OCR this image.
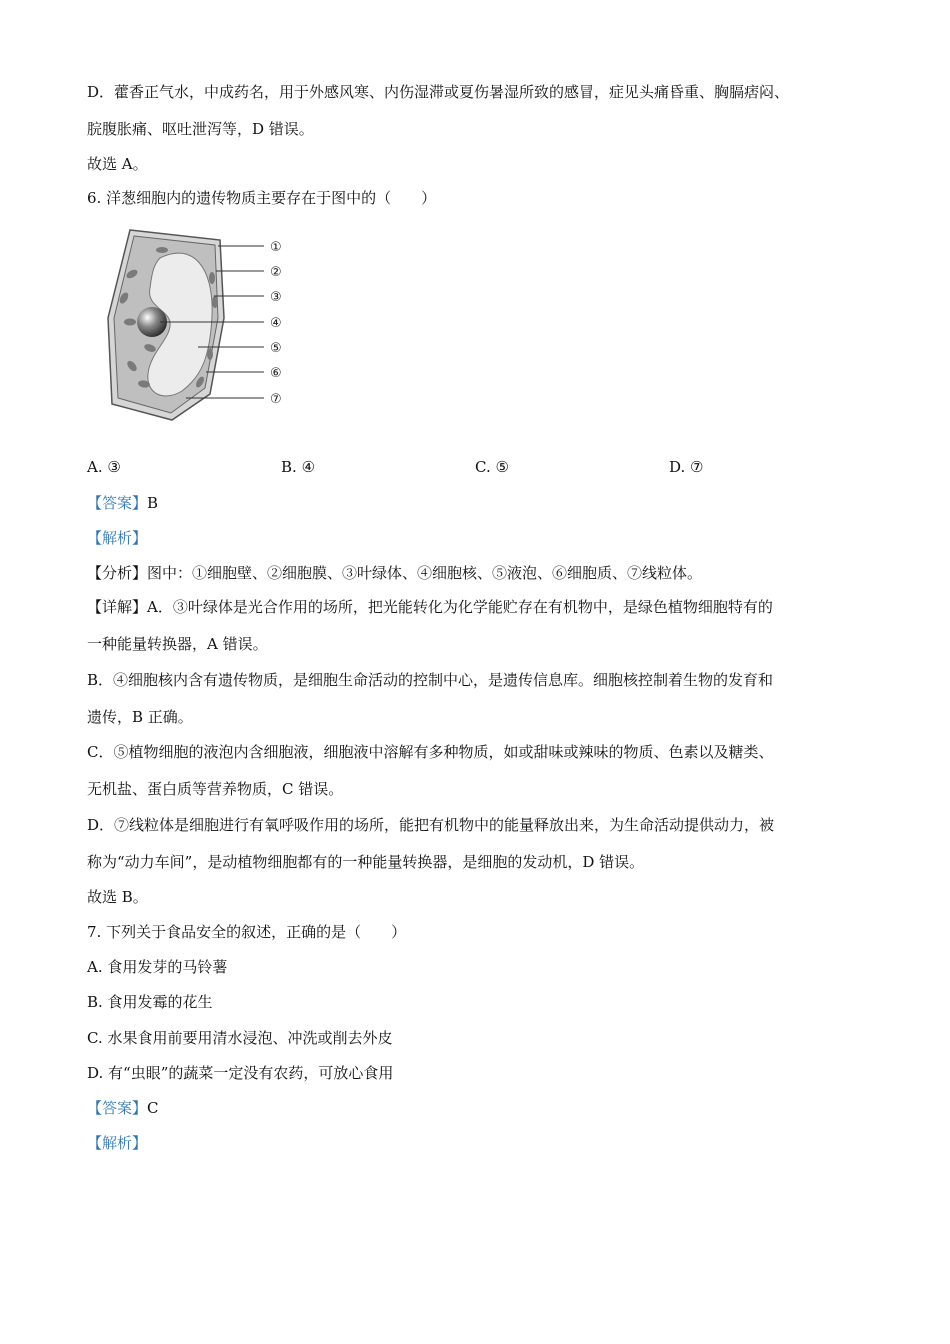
D．藿香正气水，中成药名，用于外感风寒、内伤湿滞或夏伤暑湿所致的感冒，症见头痛昏重、胸膈痞闷、
脘腹胀痛、呕吐泄泻等，D 错误。
故选 A。
6. 洋葱细胞内的遗传物质主要存在于图中的（　　）
①
②
③
④
⑤
⑥
⑦
A. ③	B. ④	C. ⑤	D. ⑦
【答案】B
【解析】
【分析】图中：①细胞壁、②细胞膜、③叶绿体、④细胞核、⑤液泡、⑥细胞质、⑦线粒体。
【详解】A．③叶绿体是光合作用的场所，把光能转化为化学能贮存在有机物中，是绿色植物细胞特有的
一种能量转换器，A 错误。
B．④细胞核内含有遗传物质，是细胞生命活动的控制中心，是遗传信息库。细胞核控制着生物的发育和
遗传，B 正确。
C．⑤植物细胞的液泡内含细胞液，细胞液中溶解有多种物质，如或甜味或辣味的物质、色素以及糖类、
无机盐、蛋白质等营养物质，C 错误。
D．⑦线粒体是细胞进行有氧呼吸作用的场所，能把有机物中的能量释放出来，为生命活动提供动力，被
称为“动力车间”，是动植物细胞都有的一种能量转换器，是细胞的发动机，D 错误。
故选 B。
7. 下列关于食品安全的叙述，正确的是（　　）
A. 食用发芽的马铃薯
B. 食用发霉的花生
C. 水果食用前要用清水浸泡、冲洗或削去外皮
D. 有“虫眼”的蔬菜一定没有农药，可放心食用
【答案】C
【解析】
